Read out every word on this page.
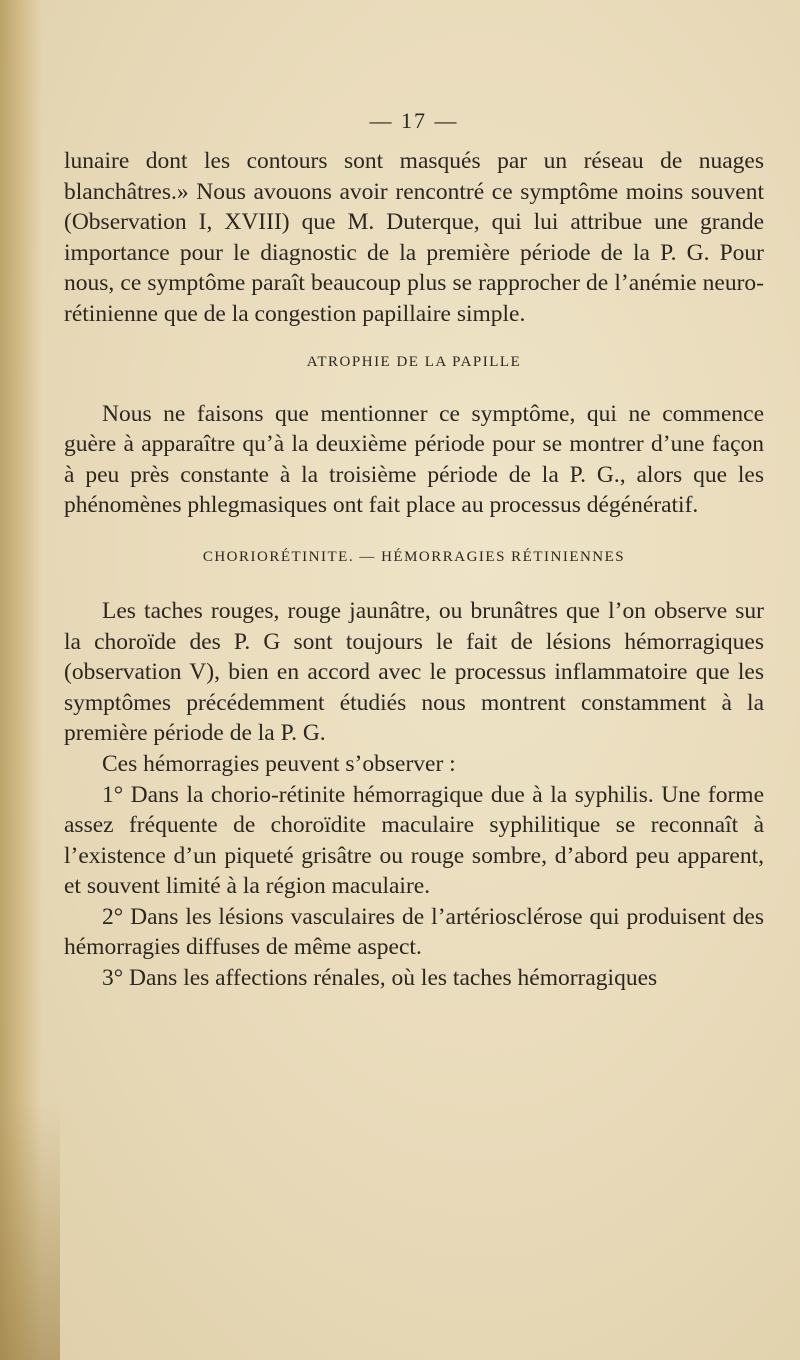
— 17 —

lunaire dont les contours sont masqués par un réseau de nuages blanchâtres.» Nous avouons avoir rencontré ce symptôme moins souvent (Observation I, XVIII) que M. Duterque, qui lui attribue une grande importance pour le diagnostic de la première période de la P. G. Pour nous, ce symptôme paraît beaucoup plus se rapprocher de l’anémie neuro-rétinienne que de la congestion papillaire simple.

ATROPHIE DE LA PAPILLE

Nous ne faisons que mentionner ce symptôme, qui ne commence guère à apparaître qu’à la deuxième période pour se montrer d’une façon à peu près constante à la troisième période de la P. G., alors que les phénomènes phlegmasiques ont fait place au processus dégénératif.

CHORIORÉTINITE. — HÉMORRAGIES RÉTINIENNES

Les taches rouges, rouge jaunâtre, ou brunâtres que l’on observe sur la choroïde des P. G sont toujours le fait de lésions hémorragiques (observation V), bien en accord avec le processus inflammatoire que les symptômes précédemment étudiés nous montrent constamment à la première période de la P. G.

Ces hémorragies peuvent s’observer :

1° Dans la chorio-rétinite hémorragique due à la syphilis. Une forme assez fréquente de choroïdite maculaire syphilitique se reconnaît à l’existence d’un piqueté grisâtre ou rouge sombre, d’abord peu apparent, et souvent limité à la région maculaire.

2° Dans les lésions vasculaires de l’artériosclérose qui produisent des hémorragies diffuses de même aspect.

3° Dans les affections rénales, où les taches hémorragiques
